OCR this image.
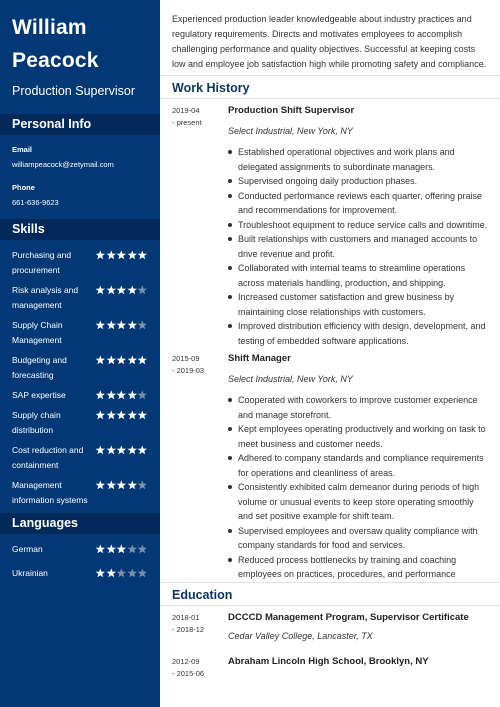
William
Peacock
Production Supervisor
Personal Info
Email
williampeacock@zetymail.com
Phone
661-636-9623
Skills
Purchasing and procurement
Risk analysis and management
Supply Chain Management
Budgeting and forecasting
SAP expertise
Supply chain distribution
Cost reduction and containment
Management information systems
Languages
German
Ukrainian
Experienced production leader knowledgeable about industry practices and regulatory requirements. Directs and motivates employees to accomplish challenging performance and quality objectives. Successful at keeping costs low and employee job satisfaction high while promoting safety and compliance.
Work History
2019-04
- present
Production Shift Supervisor
Select Industrial, New York, NY
Established operational objectives and work plans and delegated assignments to subordinate managers.
Supervised ongoing daily production phases.
Conducted performance reviews each quarter, offering praise and recommendations for improvement.
Troubleshoot equipment to reduce service calls and downtime.
Built relationships with customers and managed accounts to drive revenue and profit.
Collaborated with internal teams to streamline operations across materials handling, production, and shipping.
Increased customer satisfaction and grew business by maintaining close relationships with customers.
Improved distribution efficiency with design, development, and testing of embedded software applications.
2015-09
- 2019-03
Shift Manager
Select Industrial, New York, NY
Cooperated with coworkers to improve customer experience and manage storefront.
Kept employees operating productively and working on task to meet business and customer needs.
Adhered to company standards and compliance requirements for operations and cleanliness of areas.
Consistently exhibited calm demeanor during periods of high volume or unusual events to keep store operating smoothly and set positive example for shift team.
Supervised employees and oversaw quality compliance with company standards for food and services.
Reduced process bottlenecks by training and coaching employees on practices, procedures, and performance
Education
2018-01
- 2018-12
DCCCD Management Program, Supervisor Certificate
Cedar Valley College, Lancaster, TX
2012-09
- 2015-06
Abraham Lincoln High School, Brooklyn, NY
